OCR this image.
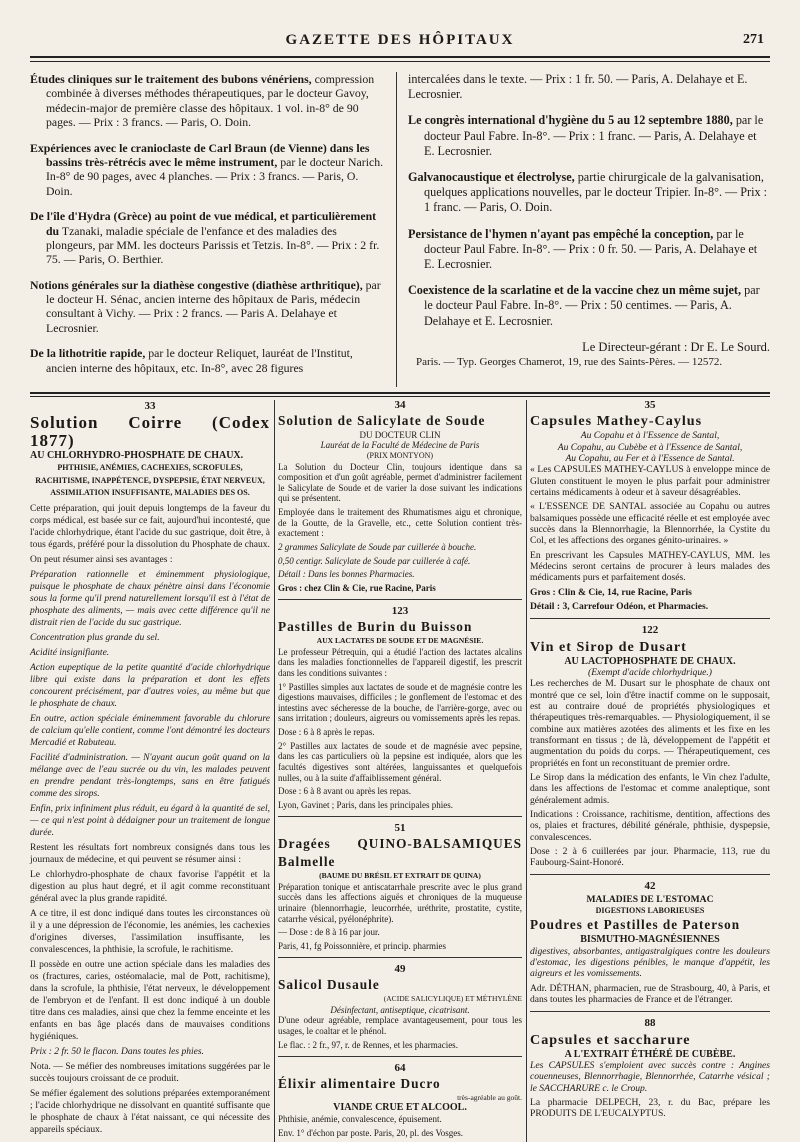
GAZETTE DES HÔPITAUX	271
Études cliniques sur le traitement des bubons vénériens, compression combinée à diverses méthodes thérapeutiques, par le docteur Gavoy, médecin-major de première classe des hôpitaux. 1 vol. in-8° de 90 pages. — Prix : 3 francs. — Paris, O. Doin.
Expériences avec le cranioclaste de Carl Braun (de Vienne) dans les bassins très-rétrécis avec le même instrument, par le docteur Narich. In-8° de 90 pages, avec 4 planches. — Prix : 3 francs. — Paris, O. Doin.
De l'île d'Hydra (Grèce) au point de vue médical, et particulièrement du Tzanaki, maladie spéciale de l'enfance et des maladies des plongeurs, par MM. les docteurs Parissis et Tetzis. In-8°. — Prix : 2 fr. 75. — Paris, O. Berthier.
Notions générales sur la diathèse congestive (diathèse arthritique), par le docteur H. Sénac, ancien interne des hôpitaux de Paris, médecin consultant à Vichy. — Prix : 2 francs. — Paris A. Delahaye et Lecrosnier.
De la lithotritie rapide, par le docteur Reliquet, lauréat de l'Institut, ancien interne des hôpitaux, etc. In-8°, avec 28 figures
intercalées dans le texte. — Prix : 1 fr. 50. — Paris, A. Delahaye et E. Lecrosnier.
Le congrès international d'hygiène du 5 au 12 septembre 1880, par le docteur Paul Fabre. In-8°. — Prix : 1 franc. — Paris, A. Delahaye et E. Lecrosnier.
Galvanocaustique et électrolyse, partie chirurgicale de la galvanisation, quelques applications nouvelles, par le docteur Tripier. In-8°. — Prix : 1 franc. — Paris, O. Doin.
Persistance de l'hymen n'ayant pas empêché la conception, par le docteur Paul Fabre. In-8°. — Prix : 0 fr. 50. — Paris, A. Delahaye et E. Lecrosnier.
Coexistence de la scarlatine et de la vaccine chez un même sujet, par le docteur Paul Fabre. In-8°. — Prix : 50 centimes. — Paris, A. Delahaye et E. Lecrosnier.
Le Directeur-gérant : Dr E. Le Sourd.
Paris. — Typ. Georges Chamerot, 19, rue des Saints-Pères. — 12572.
33
Solution Coirre (Codex 1877)
AU CHLORHYDRO-PHOSPHATE DE CHAUX.

PHTHISIE, ANÉMIES, CACHEXIES, SCROFULES, RACHITISME, INAPPÉTENCE, DYSPEPSIE, ÉTAT NERVEUX, ASSIMILATION INSUFFISANTE, MALADIES DES OS.

Cette préparation, qui jouit depuis longtemps de la faveur du corps médical, est basée sur ce fait, aujourd'hui incontesté, que l'acide chlorhydrique, étant l'acide du suc gastrique, doit être, à tous égards, préféré pour la dissolution du Phosphate de chaux.

On peut résumer ainsi ses avantages :

Préparation rationnelle et éminemment physiologique, puisque le phosphate de chaux pénètre ainsi dans l'économie sous la forme qu'il prend naturellement lorsqu'il est à l'état de phosphate des aliments, — mais avec cette différence qu'il ne distrait rien de l'acide du suc gastrique.

Concentration plus grande du sel.

Acidité insignifiante.

Action eupeptique de la petite quantité d'acide chlorhydrique libre qui existe dans la préparation et dont les effets concourent précisément, par d'autres voies, au même but que le phosphate de chaux.

En outre, action spéciale éminemment favorable du chlorure de calcium qu'elle contient, comme l'ont démontré les docteurs Mercadié et Rabuteau.

Facilité d'administration. — N'ayant aucun goût quand on la mélange avec de l'eau sucrée ou du vin, les malades peuvent en prendre pendant très-longtemps, sans en être fatigués comme des sirops.

Enfin, prix infiniment plus réduit, eu égard à la quantité de sel, — ce qui n'est point à dédaigner pour un traitement de longue durée.

Restent les résultats fort nombreux consignés dans tous les journaux de médecine, et qui peuvent se résumer ainsi :

Le chlorhydro-phosphate de chaux favorise l'appétit et la digestion au plus haut degré, et il agit comme reconstituant général avec la plus grande rapidité.

A ce titre, il est donc indiqué dans toutes les circonstances où il y a une dépression de l'économie, les anémies, les cachexies d'origines diverses, l'assimilation insuffisante, les convalescences, la phthisie, la scrofule, le rachitisme.

Il possède en outre une action spéciale dans les maladies des os (fractures, caries, ostéomalacie, mal de Pott, rachitisme), dans la scrofule, la phthisie, l'état nerveux, le développement de l'embryon et de l'enfant. Il est donc indiqué à un double titre dans ces maladies, ainsi que chez la femme enceinte et les enfants en bas âge placés dans de mauvaises conditions hygiéniques.

Prix : 2 fr. 50 le flacon. Dans toutes les phies.

Nota. — Se méfier des nombreuses imitations suggérées par le succès toujours croissant de ce produit.

Se méfier également des solutions préparées extemporanément ; l'acide chlorhydrique ne dissolvant en quantité suffisante que le phosphate de chaux à l'état naissant, ce qui nécessite des appareils spéciaux.

34
Solution de Salicylate de Soude
DU DOCTEUR CLIN
Lauréat de la Faculté de Médecine de Paris
(PRIX MONTYON)

La Solution du Docteur Clin, toujours identique dans sa composition et d'un goût agréable, permet d'administrer facilement le Salicylate de Soude et de varier la dose suivant les indications qui se présentent.

Employée dans le traitement des Rhumatismes aigu et chronique, de la Goutte, de la Gravelle, etc., cette Solution contient très-exactement :

2 grammes Salicylate de Soude par cuillerée à bouche.

0,50 centigr. Salicylate de Soude par cuillerée à café.

Détail : Dans les bonnes Pharmacies.

Gros : chez Clin & Cie, rue Racine, Paris

123
Pastilles de Burin du Buisson
AUX LACTATES DE SOUDE ET DE MAGNÉSIE.

Le professeur Pétrequin, qui a étudié l'action des lactates alcalins dans les maladies fonctionnelles de l'appareil digestif, les prescrit dans les conditions suivantes :

1° Pastilles simples aux lactates de soude et de magnésie contre les digestions mauvaises, difficiles ; le gonflement de l'estomac et des intestins avec sécheresse de la bouche, de l'arrière-gorge, avec ou sans irritation ; douleurs, aigreurs ou vomissements après les repas.

Dose : 6 à 8 après le repas.

2° Pastilles aux lactates de soude et de magnésie avec pepsine, dans les cas particuliers où la pepsine est indiquée, alors que les facultés digestives sont altérées, languissantes et quelquefois nulles, ou à la suite d'affaiblissement général.

Dose : 6 à 8 avant ou après les repas.

Lyon, Gavinet ; Paris, dans les principales phies.

51
Dragées QUINO-BALSAMIQUES Balmelle
(BAUME DU BRÉSIL ET EXTRAIT DE QUINA)

Préparation tonique et antiscatarrhale prescrite avec le plus grand succès dans les affections aiguës et chroniques de la muqueuse urinaire (blennorrhagie, leucorrhée, uréthrite, prostatite, cystite, catarrhe vésical, pyélonéphrite).

— Dose : de 8 à 16 par jour.

Paris, 41, fg Poissonnière, et princip. pharmies

49
Salicol Dusaule
(ACIDE SALICYLIQUE) ET MÉTHYLÈNE
Désinfectant, antiseptique, cicatrisant.

D'une odeur agréable, remplace avantageusement, pour tous les usages, le coaltar et le phénol.

Le flac. : 2 fr., 97, r. de Rennes, et les pharmacies.

64
Élixir alimentaire Ducro
très-agréable au goût.
VIANDE CRUE ET ALCOOL.

Phthisie, anémie, convalescence, épuisement.

Env. 1° d'échon par poste. Paris, 20, pl. des Vosges.

35
Capsules Mathey-Caylus
Au Copahu et à l'Essence de Santal,
Au Copahu, au Cubèbe et à l'Essence de Santal,
Au Copahu, au Fer et à l'Essence de Santal.

« Les CAPSULES MATHEY-CAYLUS à enveloppe mince de Gluten constituent le moyen le plus parfait pour administrer certains médicaments à odeur et à saveur désagréables.

« L'ESSENCE DE SANTAL associée au Copahu ou autres balsamiques possède une efficacité réelle et est employée avec succès dans la Blennorrhagie, la Blennorrhée, la Cystite du Col, et les affections des organes génito-urinaires. »

En prescrivant les Capsules MATHEY-CAYLUS, MM. les Médecins seront certains de procurer à leurs malades des médicaments purs et parfaitement dosés.

Gros : Clin & Cie, 14, rue Racine, Paris

Détail : 3, Carrefour Odéon, et Pharmacies.

122
Vin et Sirop de Dusart
AU LACTOPHOSPHATE DE CHAUX.
(Exempt d'acide chlorhydrique.)

Les recherches de M. Dusart sur le phosphate de chaux ont montré que ce sel, loin d'être inactif comme on le supposait, est au contraire doué de propriétés physiologiques et thérapeutiques très-remarquables. — Physiologiquement, il se combine aux matières azotées des aliments et les fixe en les transformant en tissus ; de là, développement de l'appétit et augmentation du poids du corps. — Thérapeutiquement, ces propriétés en font un reconstituant de premier ordre.

Le Sirop dans la médication des enfants, le Vin chez l'adulte, dans les affections de l'estomac et comme analeptique, sont généralement admis.

Indications : Croissance, rachitisme, dentition, affections des os, plaies et fractures, débilité générale, phthisie, dyspepsie, convalescences.

Dose : 2 à 6 cuillerées par jour. Pharmacie, 113, rue du Faubourg-Saint-Honoré.

42
MALADIES DE L'ESTOMAC
DIGESTIONS LABORIEUSES
Poudres et Pastilles de Paterson
BISMUTHO-MAGNÉSIENNES

digestives, absorbantes, antigastralgiques contre les douleurs d'estomac, les digestions pénibles, le manque d'appétit, les aigreurs et les vomissements.

Adr. DÉTHAN, pharmacien, rue de Strasbourg, 40, à Paris, et dans toutes les pharmacies de France et de l'étranger.

88
Capsules et saccharure
A L'EXTRAIT ÉTHÉRÉ DE CUBÈBE.

Les CAPSULES s'emploient avec succès contre : Angines couenneuses, Blennorrhagie, Blennorrhée, Catarrhe vésical ; le SACCHARURE c. le Croup.

La pharmacie DELPECH, 23, r. du Bac, prépare les PRODUITS DE L'EUCALYPTUS.
